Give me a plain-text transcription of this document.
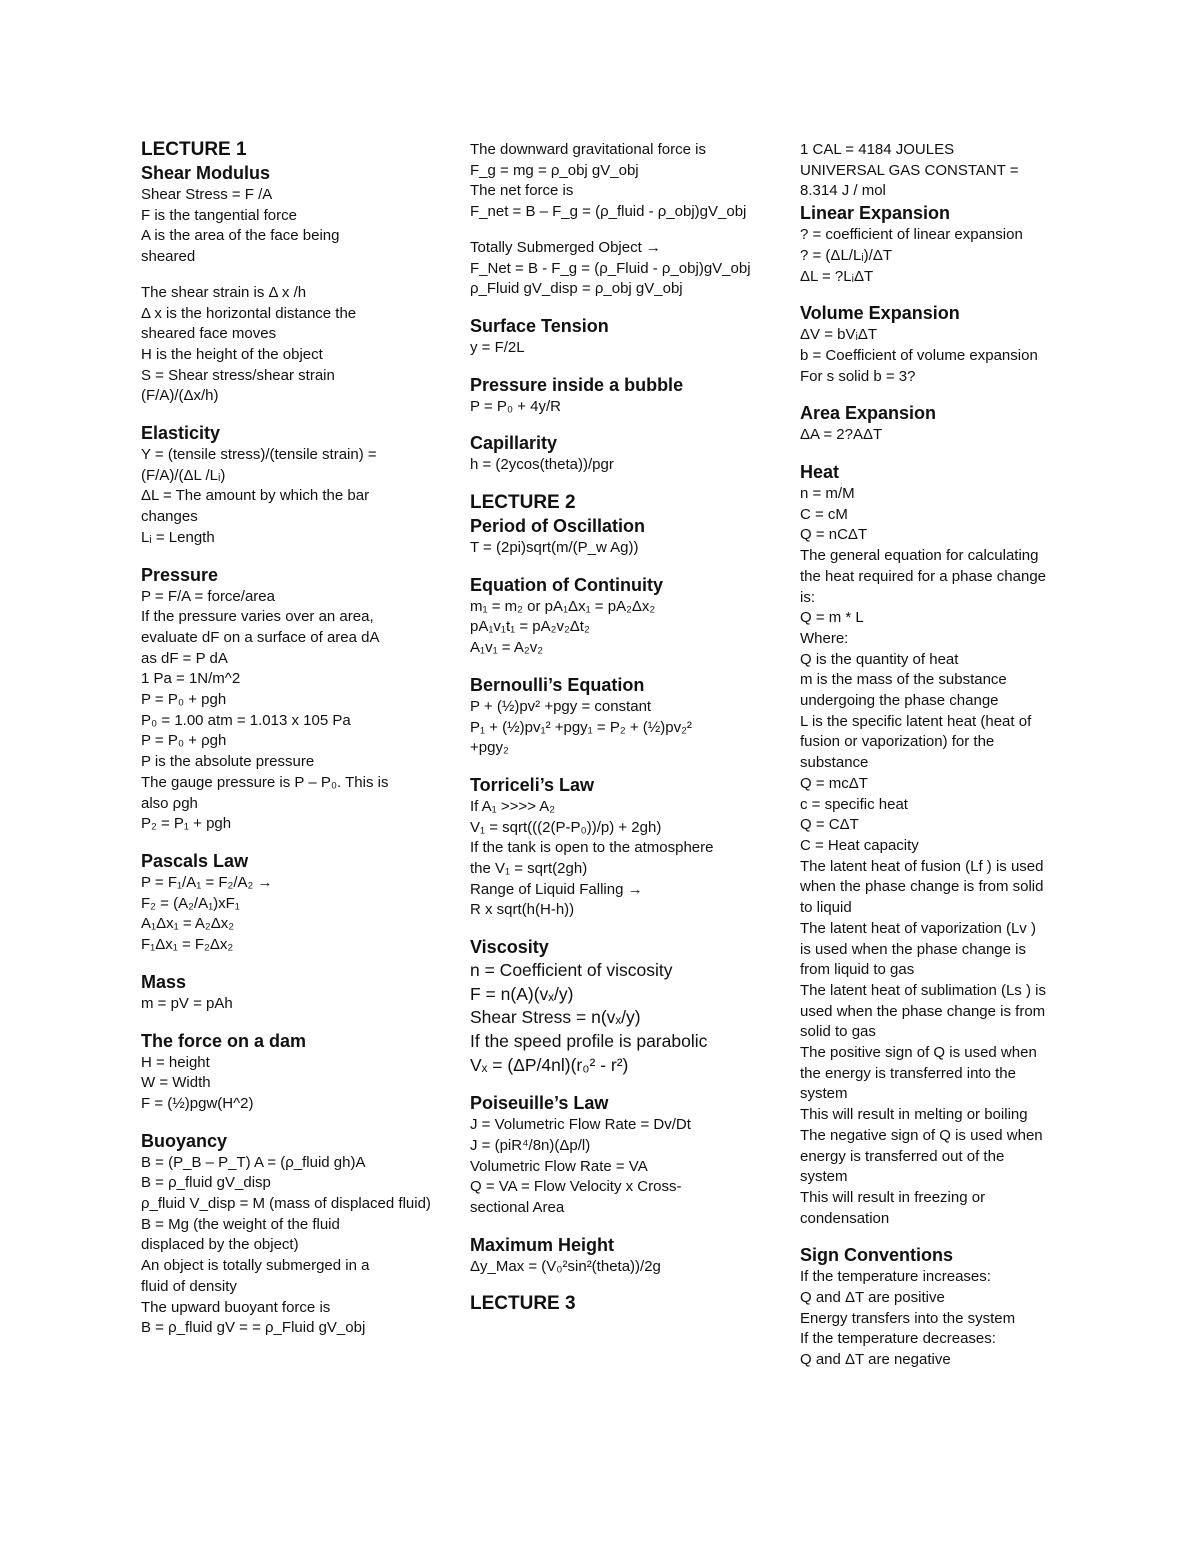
LECTURE 1
Shear Modulus
Shear Stress = F /A
F is the tangential force
A is the area of the face being
sheared
The shear strain is Δ x /h
Δ x is the horizontal distance the
sheared face moves
H is the height of the object
S = Shear stress/shear strain
(F/A)/(Δx/h)
Elasticity
Y = (tensile stress)/(tensile strain) =
(F/A)/(ΔL /Lᵢ)
ΔL = The amount by which the bar
changes
Lᵢ = Length
Pressure
P = F/A = force/area
If the pressure varies over an area,
evaluate dF on a surface of area dA
as dF = P dA
1 Pa = 1N/m^2
P = P₀ + pgh
P₀ = 1.00 atm = 1.013 x 105 Pa
P = P₀ + ρgh
P is the absolute pressure
The gauge pressure is P – P₀. This is
also ρgh
P₂ = P₁ + pgh
Pascals Law
P = F₁/A₁ = F₂/A₂ →
F₂ = (A₂/A₁)xF₁
A₁Δx₁ = A₂Δx₂
F₁Δx₁ = F₂Δx₂
Mass
m = pV = pAh
The force on a dam
H = height
W = Width
F = (½)pgw(H^2)
Buoyancy
B = (P_B – P_T) A = (ρ_fluid gh)A
B = ρ_fluid gV_disp
ρ_fluid V_disp = M (mass of displaced fluid)
B = Mg (the weight of the fluid
displaced by the object)
An object is totally submerged in a
fluid of density
The upward buoyant force is
B = ρ_fluid gV = = ρ_Fluid gV_obj
The downward gravitational force is
F_g = mg = ρ_obj gV_obj
The net force is
F_net = B – F_g = (ρ_fluid - ρ_obj)gV_obj
Totally Submerged Object →
F_Net = B - F_g = (ρ_Fluid - ρ_obj)gV_obj
ρ_Fluid gV_disp = ρ_obj gV_obj
Surface Tension
y = F/2L
Pressure inside a bubble
P = P₀ + 4y/R
Capillarity
h = (2ycos(theta))/pgr
LECTURE 2
Period of Oscillation
T = (2pi)sqrt(m/(P_w Ag))
Equation of Continuity
m₁ = m₂ or pA₁Δx₁ = pA₂Δx₂
pA₁v₁t₁ = pA₂v₂Δt₂
A₁v₁ = A₂v₂
Bernoulli’s Equation
P + (½)pv² +pgy = constant
P₁ + (½)pv₁² +pgy₁ = P₂ + (½)pv₂²
+pgy₂
Torriceli’s Law
If A₁ >>>> A₂
V₁ = sqrt(((2(P-P₀))/p) + 2gh)
If the tank is open to the atmosphere
the V₁ = sqrt(2gh)
Range of Liquid Falling →
R x sqrt(h(H-h))
Viscosity
n = Coefficient of viscosity
F = n(A)(vₓ/y)
Shear Stress = n(vₓ/y)
If the speed profile is parabolic
Vₓ = (ΔP/4nl)(r₀² - r²)
Poiseuille’s Law
J = Volumetric Flow Rate = Dv/Dt
J = (piR⁴/8n)(Δp/l)
Volumetric Flow Rate = VA
Q = VA = Flow Velocity x Cross-
sectional Area
Maximum Height
Δy_Max = (V₀²sin²(theta))/2g
LECTURE 3
1 CAL = 4184 JOULES
UNIVERSAL GAS CONSTANT =
8.314 J / mol
Linear Expansion
? = coefficient of linear expansion
? = (ΔL/Lᵢ)/ΔT
ΔL = ?LᵢΔT
Volume Expansion
ΔV = bVᵢΔT
b = Coefficient of volume expansion
For s solid b = 3?
Area Expansion
ΔA = 2?AΔT
Heat
n = m/M
C = cM
Q = nCΔT
The general equation for calculating
the heat required for a phase change
is:
Q = m * L
Where:
Q is the quantity of heat
m is the mass of the substance
undergoing the phase change
L is the specific latent heat (heat of
fusion or vaporization) for the
substance
Q = mcΔT
c = specific heat
Q = CΔT
C = Heat capacity
The latent heat of fusion (Lf ) is used
when the phase change is from solid
to liquid
The latent heat of vaporization (Lv )
is used when the phase change is
from liquid to gas
The latent heat of sublimation (Ls ) is
used when the phase change is from
solid to gas
The positive sign of Q is used when
the energy is transferred into the
system
This will result in melting or boiling
The negative sign of Q is used when
energy is transferred out of the
system
This will result in freezing or
condensation
Sign Conventions
If the temperature increases:
Q and ΔT are positive
Energy transfers into the system
If the temperature decreases:
Q and ΔT are negative
